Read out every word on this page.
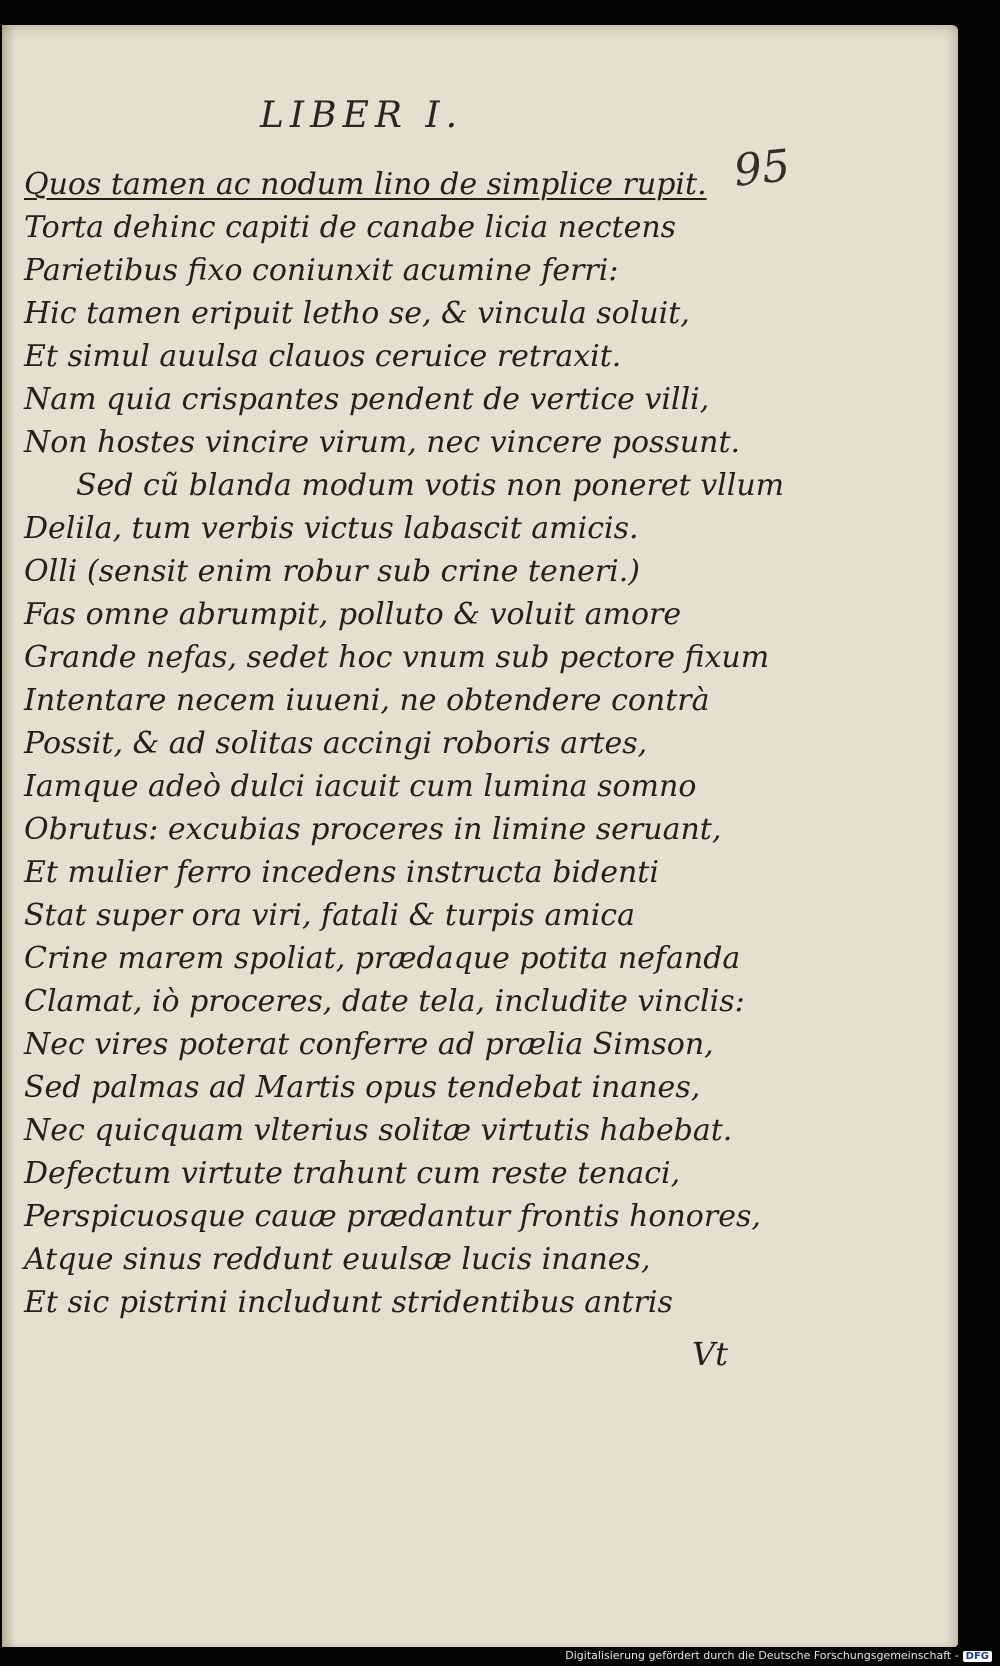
LIBER I.
95
Quos tamen ac nodum lino de simplice rupit.
Torta dehinc capiti de canabe licia nectens
Parietibus fixo coniunxit acumine ferri:
Hic tamen eripuit letho se, & vincula soluit,
Et simul auulsa clauos ceruice retraxit.
Nam quia crispantes pendent de vertice villi,
Non hostes vincire virum, nec vincere possunt.
Sed cũ blanda modum votis non poneret vllum
Delila, tum verbis victus labascit amicis.
Olli (sensit enim robur sub crine teneri.)
Fas omne abrumpit, polluto & voluit amore
Grande nefas, sedet hoc vnum sub pectore fixum
Intentare necem iuueni, ne obtendere contrà
Possit, & ad solitas accingi roboris artes,
Iamque adeò dulci iacuit cum lumina somno
Obrutus: excubias proceres in limine seruant,
Et mulier ferro incedens instructa bidenti
Stat super ora viri, fatali & turpis amica
Crine marem spoliat, prædaque potita nefanda
Clamat, iò proceres, date tela, includite vinclis:
Nec vires poterat conferre ad prælia Simson,
Sed palmas ad Martis opus tendebat inanes,
Nec quicquam vlterius solitæ virtutis habebat.
Defectum virtute trahunt cum reste tenaci,
Perspicuosque cauæ prædantur frontis honores,
Atque sinus reddunt euulsæ lucis inanes,
Et sic pistrini includunt stridentibus antris
Vt
Digitalisierung gefördert durch die Deutsche Forschungsgemeinschaft - DFG
